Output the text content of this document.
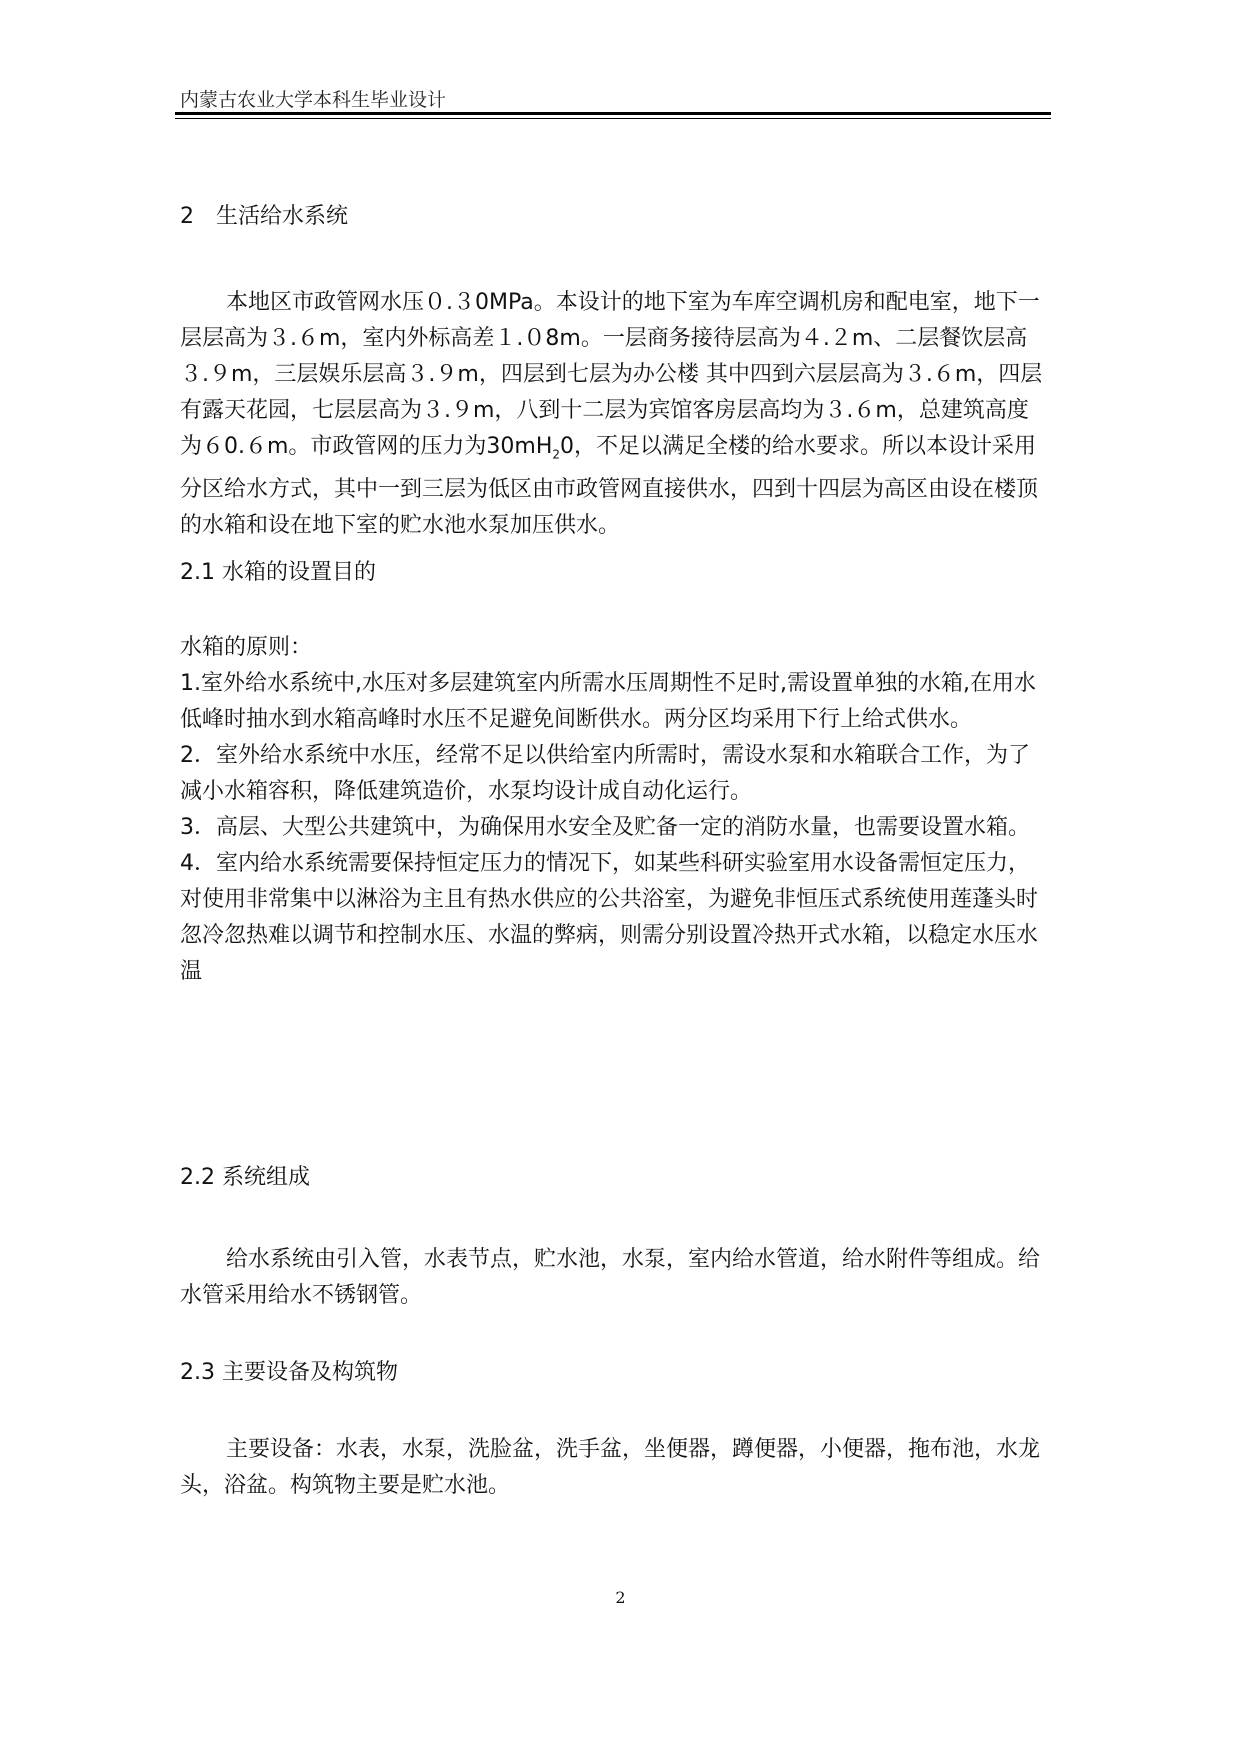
内蒙古农业大学本科生毕业设计
2　生活给水系统

本地区市政管网水压０.３0MPa。本设计的地下室为车库空调机房和配电室，地下一层层高为３.６m，室内外标高差１.０8m。一层商务接待层高为４.２m、二层餐饮层高３.９m，三层娱乐层高３.９m，四层到七层为办公楼 其中四到六层层高为３.６m，四层有露天花园，七层层高为３.９m，八到十二层为宾馆客房层高均为３.６m，总建筑高度为６0.６m。市政管网的压力为$30mH_20$，不足以满足全楼的给水要求。所以本设计采用分区给水方式，其中一到三层为低区由市政管网直接供水，四到十四层为高区由设在楼顶的水箱和设在地下室的贮水池水泵加压供水。

2.1 水箱的设置目的

水箱的原则：

1.室外给水系统中,水压对多层建筑室内所需水压周期性不足时,需设置单独的水箱,在用水低峰时抽水到水箱高峰时水压不足避免间断供水。两分区均采用下行上给式供水。

2．室外给水系统中水压，经常不足以供给室内所需时，需设水泵和水箱联合工作，为了减小水箱容积，降低建筑造价，水泵均设计成自动化运行。

3．高层、大型公共建筑中，为确保用水安全及贮备一定的消防水量，也需要设置水箱。

4．室内给水系统需要保持恒定压力的情况下，如某些科研实验室用水设备需恒定压力，对使用非常集中以淋浴为主且有热水供应的公共浴室，为避免非恒压式系统使用莲蓬头时忽冷忽热难以调节和控制水压、水温的弊病，则需分别设置冷热开式水箱，以稳定水压水温

2.2 系统组成

给水系统由引入管，水表节点，贮水池，水泵，室内给水管道，给水附件等组成。给水管采用给水不锈钢管。

2.3 主要设备及构筑物

主要设备：水表，水泵，洗脸盆，洗手盆，坐便器，蹲便器，小便器，拖布池，水龙头，浴盆。构筑物主要是贮水池。

2
